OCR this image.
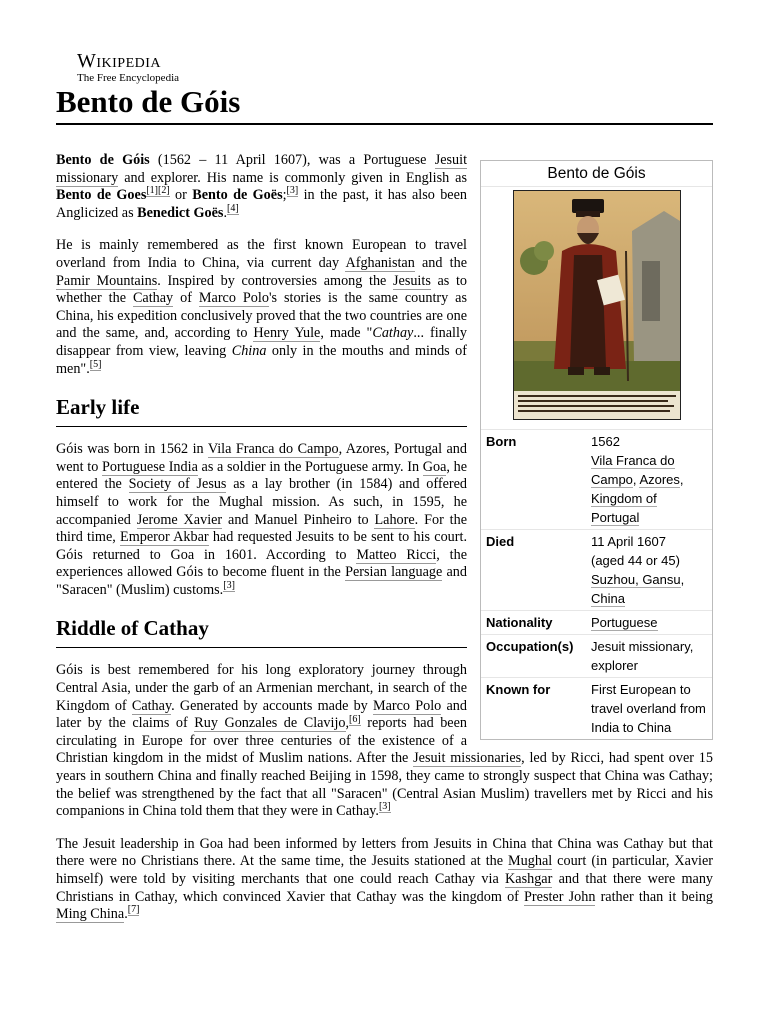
Wikipedia
The Free Encyclopedia
Bento de Góis
Bento de Góis
Born	1562
Vila Franca do Campo, Azores,
Kingdom of Portugal
Died	11 April 1607
(aged 44 or 45)
Suzhou, Gansu,
China
Nationality	Portuguese
Occupation(s)	Jesuit missionary, explorer
Known for	First European to travel overland from India to China

Bento de Góis (1562 – 11 April 1607), was a Portuguese Jesuit missionary and explorer. His name is commonly given in English as Bento de Goes[1][2] or Bento de Goës;[3] in the past, it has also been Anglicized as Benedict Goës.[4]

He is mainly remembered as the first known European to travel overland from India to China, via current day Afghanistan and the Pamir Mountains. Inspired by controversies among the Jesuits as to whether the Cathay of Marco Polo's stories is the same country as China, his expedition conclusively proved that the two countries are one and the same, and, according to Henry Yule, made "Cathay... finally disappear from view, leaving China only in the mouths and minds of men".[5]

Early life

Góis was born in 1562 in Vila Franca do Campo, Azores, Portugal and went to Portuguese India as a soldier in the Portuguese army. In Goa, he entered the Society of Jesus as a lay brother (in 1584) and offered himself to work for the Mughal mission. As such, in 1595, he accompanied Jerome Xavier and Manuel Pinheiro to Lahore. For the third time, Emperor Akbar had requested Jesuits to be sent to his court. Góis returned to Goa in 1601. According to Matteo Ricci, the experiences allowed Góis to become fluent in the Persian language and "Saracen" (Muslim) customs.[3]

Riddle of Cathay

Góis is best remembered for his long exploratory journey through Central Asia, under the garb of an Armenian merchant, in search of the Kingdom of Cathay. Generated by accounts made by Marco Polo and later by the claims of Ruy Gonzales de Clavijo,[6] reports had been circulating in Europe for over three centuries of the existence of a Christian kingdom in the midst of Muslim nations. After the Jesuit missionaries, led by Ricci, had spent over 15 years in southern China and finally reached Beijing in 1598, they came to strongly suspect that China was Cathay; the belief was strengthened by the fact that all "Saracen" (Central Asian Muslim) travellers met by Ricci and his companions in China told them that they were in Cathay.[3]

The Jesuit leadership in Goa had been informed by letters from Jesuits in China that China was Cathay but that there were no Christians there. At the same time, the Jesuits stationed at the Mughal court (in particular, Xavier himself) were told by visiting merchants that one could reach Cathay via Kashgar and that there were many Christians in Cathay, which convinced Xavier that Cathay was the kingdom of Prester John rather than it being Ming China.[7]
